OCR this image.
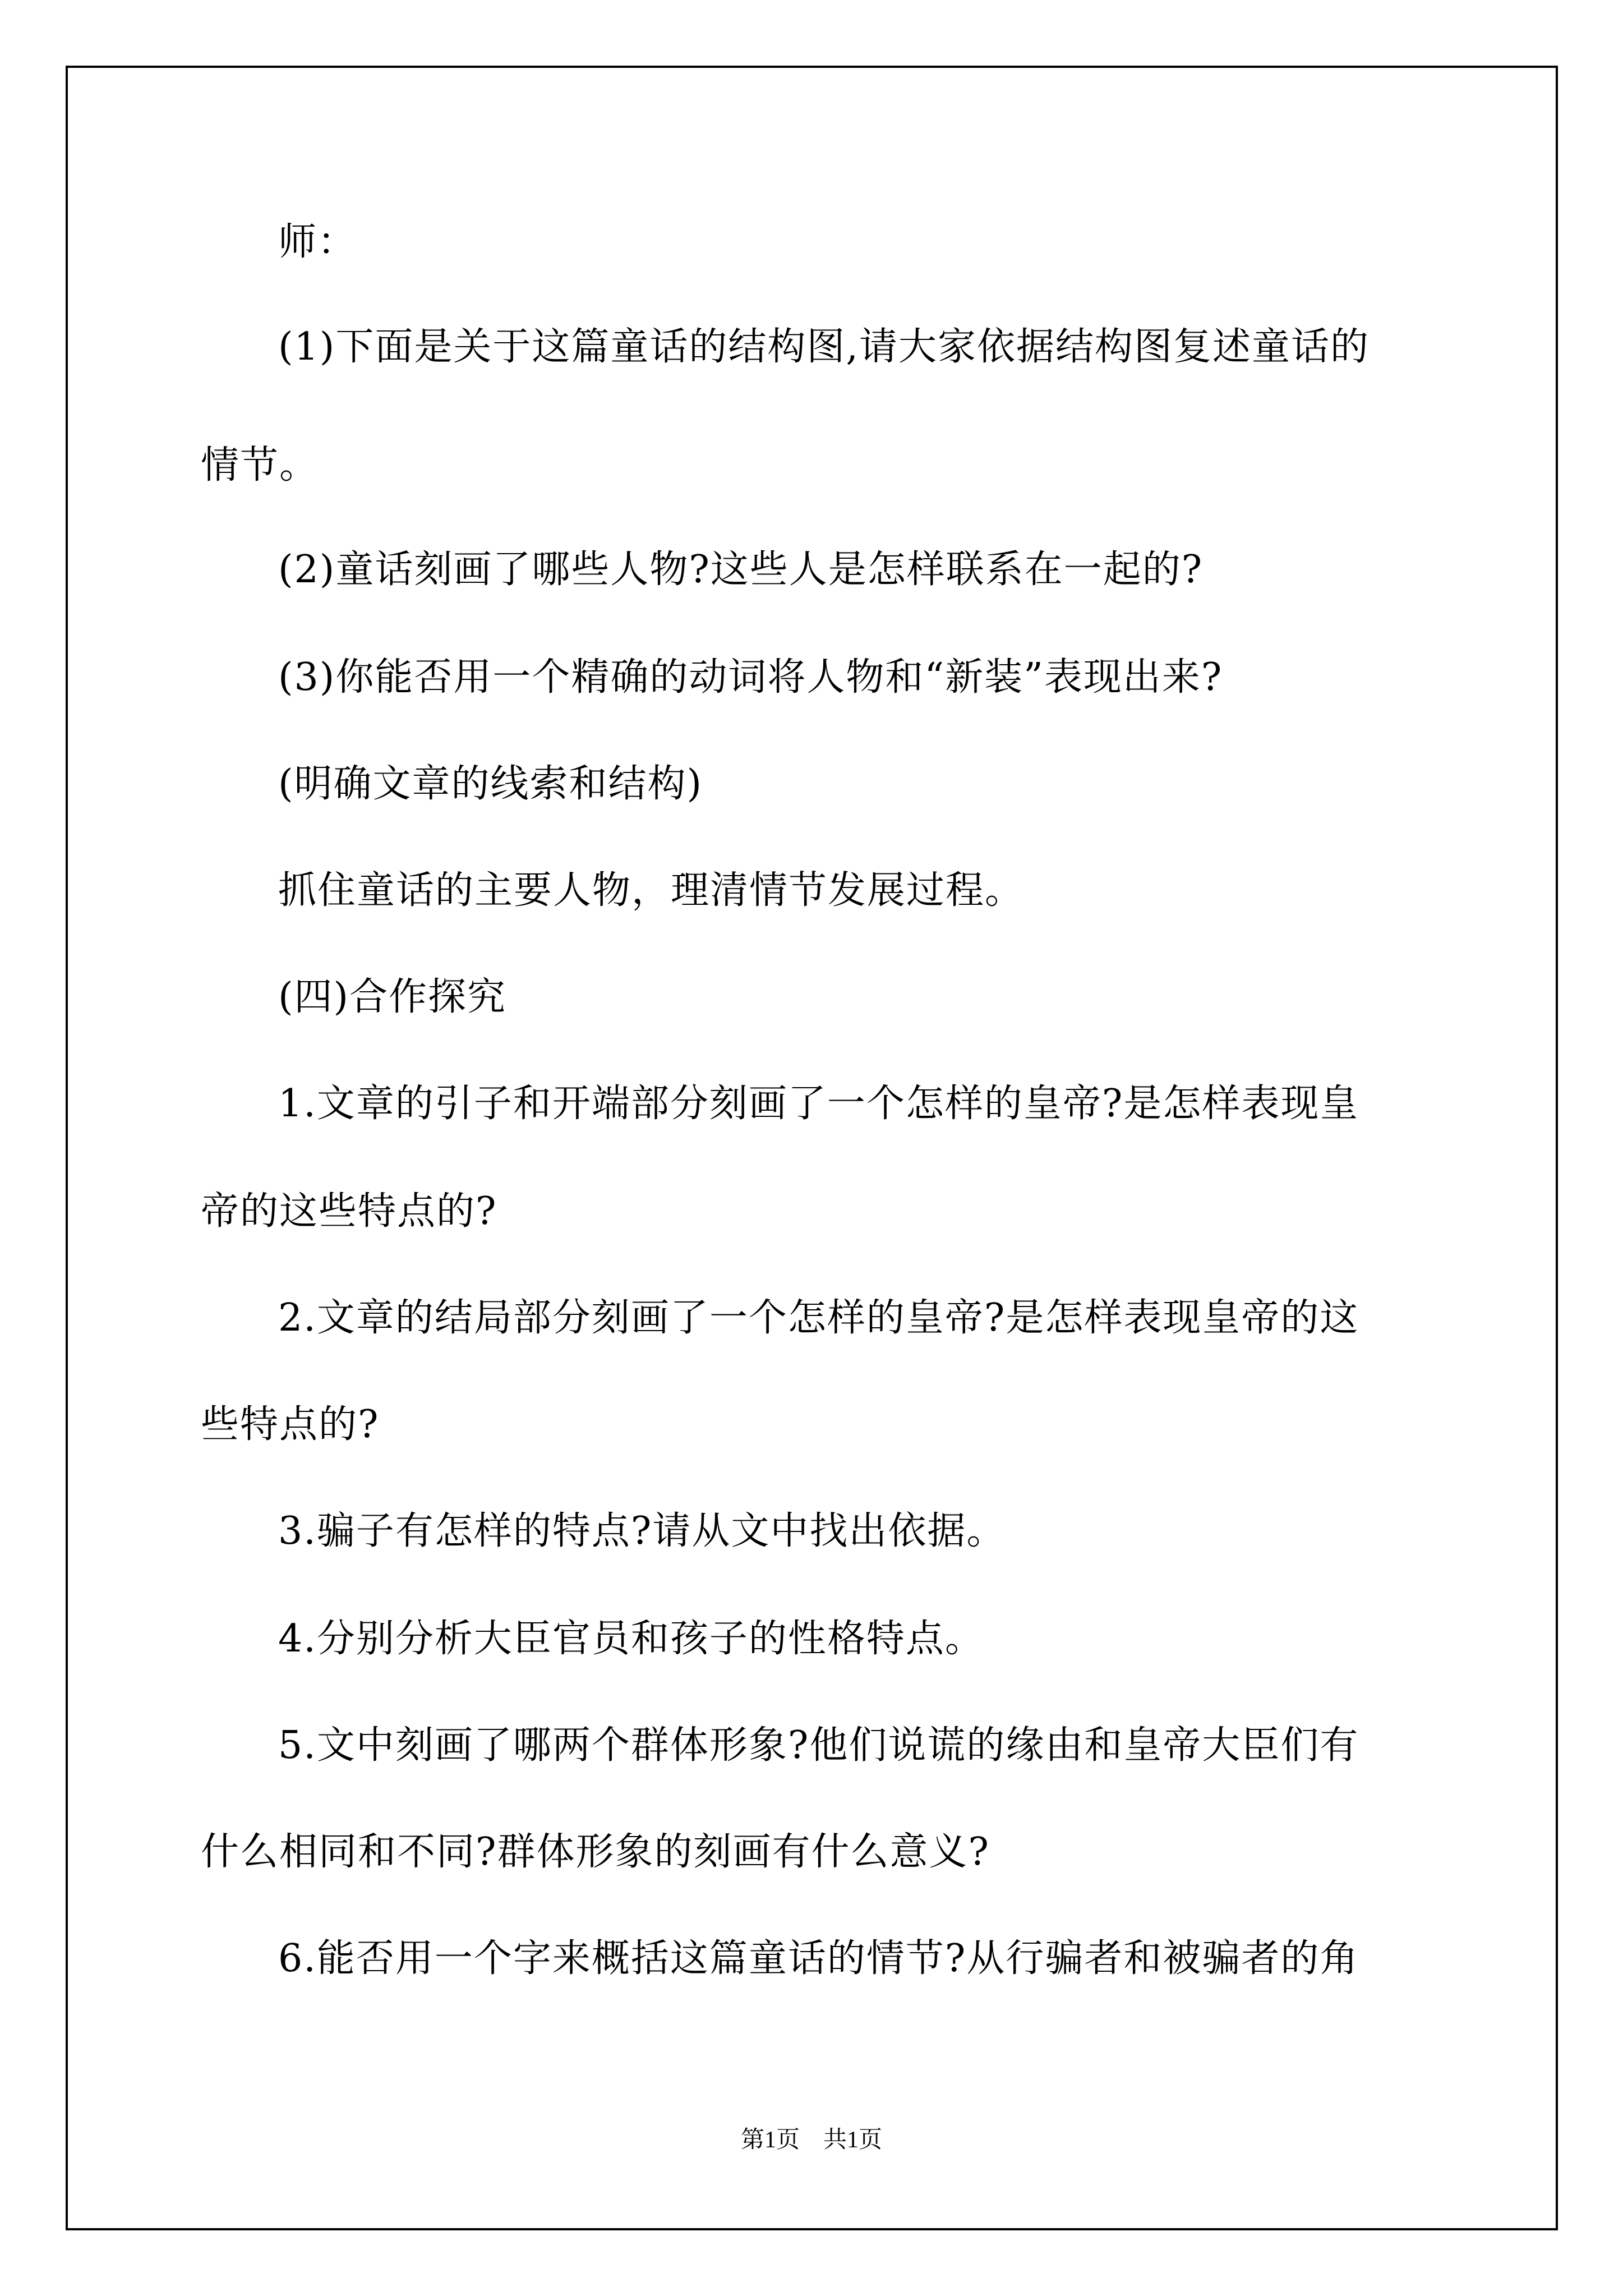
师：
(1)下面是关于这篇童话的结构图,请大家依据结构图复述童话的
情节。
(2)童话刻画了哪些人物?这些人是怎样联系在一起的?
(3)你能否用一个精确的动词将人物和“新装”表现出来?
(明确文章的线索和结构)
抓住童话的主要人物，理清情节发展过程。
(四)合作探究
1.文章的引子和开端部分刻画了一个怎样的皇帝?是怎样表现皇
帝的这些特点的?
2.文章的结局部分刻画了一个怎样的皇帝?是怎样表现皇帝的这
些特点的?
3.骗子有怎样的特点?请从文中找出依据。
4.分别分析大臣官员和孩子的性格特点。
5.文中刻画了哪两个群体形象?他们说谎的缘由和皇帝大臣们有
什么相同和不同?群体形象的刻画有什么意义?
6.能否用一个字来概括这篇童话的情节?从行骗者和被骗者的角
第1页 共1页
